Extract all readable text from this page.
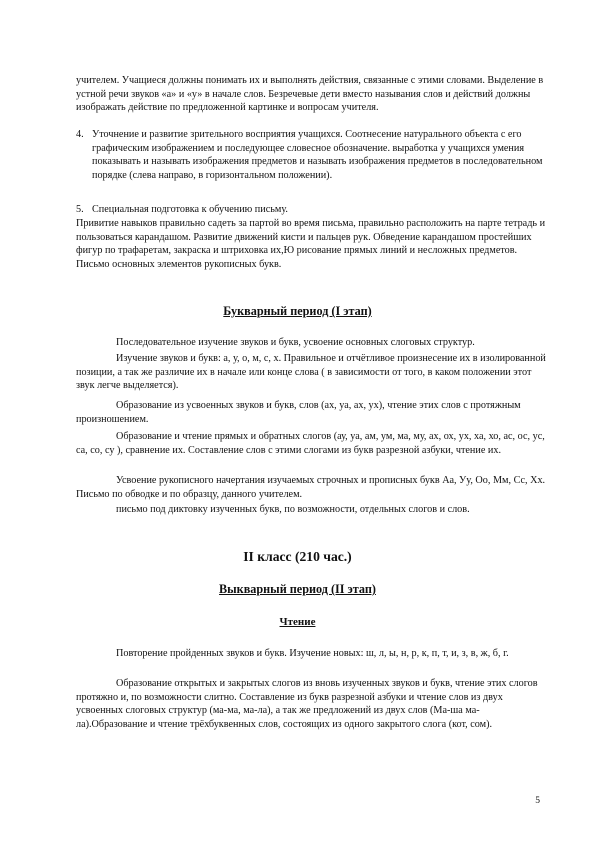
учителем. Учащиеся должны понимать их и выполнять действия, связанные с этими словами. Выделение в устной речи звуков «а» и «у» в начале слов. Безречевые дети вместо называния слов и действий должны изображать действие по предложенной картинке и вопросам учителя.

4. Уточнение и развитие зрительного восприятия учащихся. Соотнесение натурального объекта с его графическим изображением и последующее словесное обозначение. выработка у учащихся умения показывать и называть изображения предметов и называть изображения предметов в последовательном порядке (слева направо, в горизонтальном положении).
5. Специальная подготовка к обучению письму.

Привитие навыков правильно садеть за партой во время письма, правильно расположить на парте тетрадь и пользоваться карандашом. Развитие движений кисти и пальцев рук. Обведение карандашом простейших фигур по трафаретам, закраска и штриховка их,Ю рисование прямых линий и несложных предметов. Письмо основных элементов рукописных букв.

Букварный период (I этап)

Последовательное изучение звуков и букв, усвоение основных слоговых структур.

Изучение звуков и букв: а, у, о, м, с, х. Правильное и отчётливое произнесение их в изолированной позиции, а так же различие их в начале или конце слова ( в зависимости от того, в каком положении этот звук легче выделяется).

Образование из усвоенных звуков и букв, слов (ах, уа, ах, ух), чтение этих слов с протяжным произношением.

Образование и чтение прямых и обратных слогов (ау, уа, ам, ум, ма, му, ах, ох, ух, ха, хо, ас, ос, ус, са, со, су ), сравнение их. Составление слов с этими слогами из букв разрезной азбуки, чтение их.

Усвоение рукописного начертания изучаемых строчных и прописных букв Аа, Уу, Оо, Мм, Сс, Хх. Письмо по обводке и по образцу, данного учителем.

письмо под диктовку изученных букв, по возможности, отдельных слогов и слов.

II класс (210 час.)
Выкварный период (II этап)
Чтение

Повторение пройденных звуков и букв. Изучение новых: ш, л, ы, н, р, к, п, т, и, з, в, ж, б, г.

Образование открытых и закрытых слогов из вновь изученных звуков и букв, чтение этих слогов протяжно и, по возможности слитно. Составление из букв разрезной азбуки и чтение слов из двух усвоенных слоговых структур (ма-ма, ма-ла), а так же предложений из двух слов (Ма-ша ма-ла).Образование и чтение трёхбуквенных слов, состоящих из одного закрытого слога (кот, сом).

5
